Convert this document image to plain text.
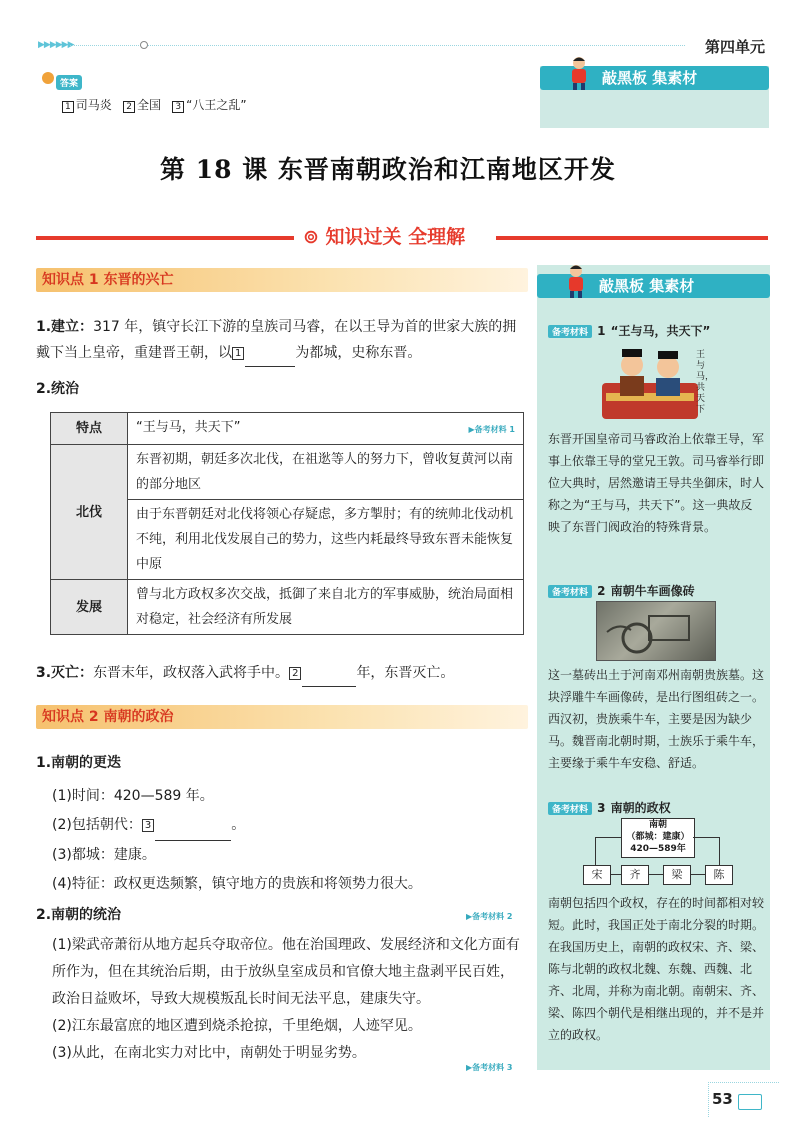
▶▶▶▶▶▶	第四单元
答案
1 司马炎 2 全国 3 “八王之乱”
敲黑板 集素材
第 18 课 东晋南朝政治和江南地区开发
⊚ 知识过关 全理解
知识点 1 东晋的兴亡
1.建立：317 年，镇守长江下游的皇族司马睿，在以王导为首的世家大族的拥戴下当上皇帝，重建晋王朝，以 1	为都城，史称东晋。
2.统治
特点	“王与马，共天下” ▶备考材料 1

北伐	东晋初期，朝廷多次北伐，在祖逖等人的努力下，曾收复黄河以南的部分地区
	由于东晋朝廷对北伐将领心存疑虑，多方掣肘；有的统帅北伐动机不纯，利用北伐发展自己的势力，这些内耗最终导致东晋未能恢复中原
发展	曾与北方政权多次交战，抵御了来自北方的军事威胁，统治局面相对稳定，社会经济有所发展
3.灭亡：东晋末年，政权落入武将手中。 2	年，东晋灭亡。
知识点 2 南朝的政治
1.南朝的更迭
(1)时间：420—589 年。
(2)包括朝代： 3	。
(3)都城：建康。
(4)特征：政权更迭频繁，镇守地方的贵族和将领势力很大。
2.南朝的统治	▶备考材料 2
(1)梁武帝萧衍从地方起兵夺取帝位。他在治国理政、发展经济和文化方面有所作为，但在其统治后期，由于放纵皇室成员和官僚大地主盘剥平民百姓，政治日益败坏，导致大规模叛乱长时间无法平息，建康失守。
(2)江东最富庶的地区遭到烧杀抢掠，千里绝烟，人迹罕见。
(3)从此，在南北实力对比中，南朝处于明显劣势。
▶备考材料 3
敲黑板 集素材
备考材料 1 “王与马，共天下”
王与马，共天下
东晋开国皇帝司马睿政治上依靠王导，军事上依靠王导的堂兄王敦。司马睿举行即位大典时，居然邀请王导共坐御床，时人称之为“王与马，共天下”。这一典故反映了东晋门阀政治的特殊背景。
备考材料 2 南朝牛车画像砖
这一墓砖出土于河南邓州南朝贵族墓。这块浮雕牛车画像砖，是出行图组砖之一。西汉初，贵族乘牛车，主要是因为缺少马。魏晋南北朝时期，士族乐于乘牛车，主要缘于乘牛车安稳、舒适。
备考材料 3 南朝的政权
南朝
（都城：建康）
420—589年
宋	齐	梁	陈
南朝包括四个政权，存在的时间都相对较短。此时，我国正处于南北分裂的时期。在我国历史上，南朝的政权宋、齐、梁、陈与北朝的政权北魏、东魏、西魏、北齐、北周，并称为南北朝。南朝宋、齐、梁、陈四个朝代是相继出现的，并不是并立的政权。
53
